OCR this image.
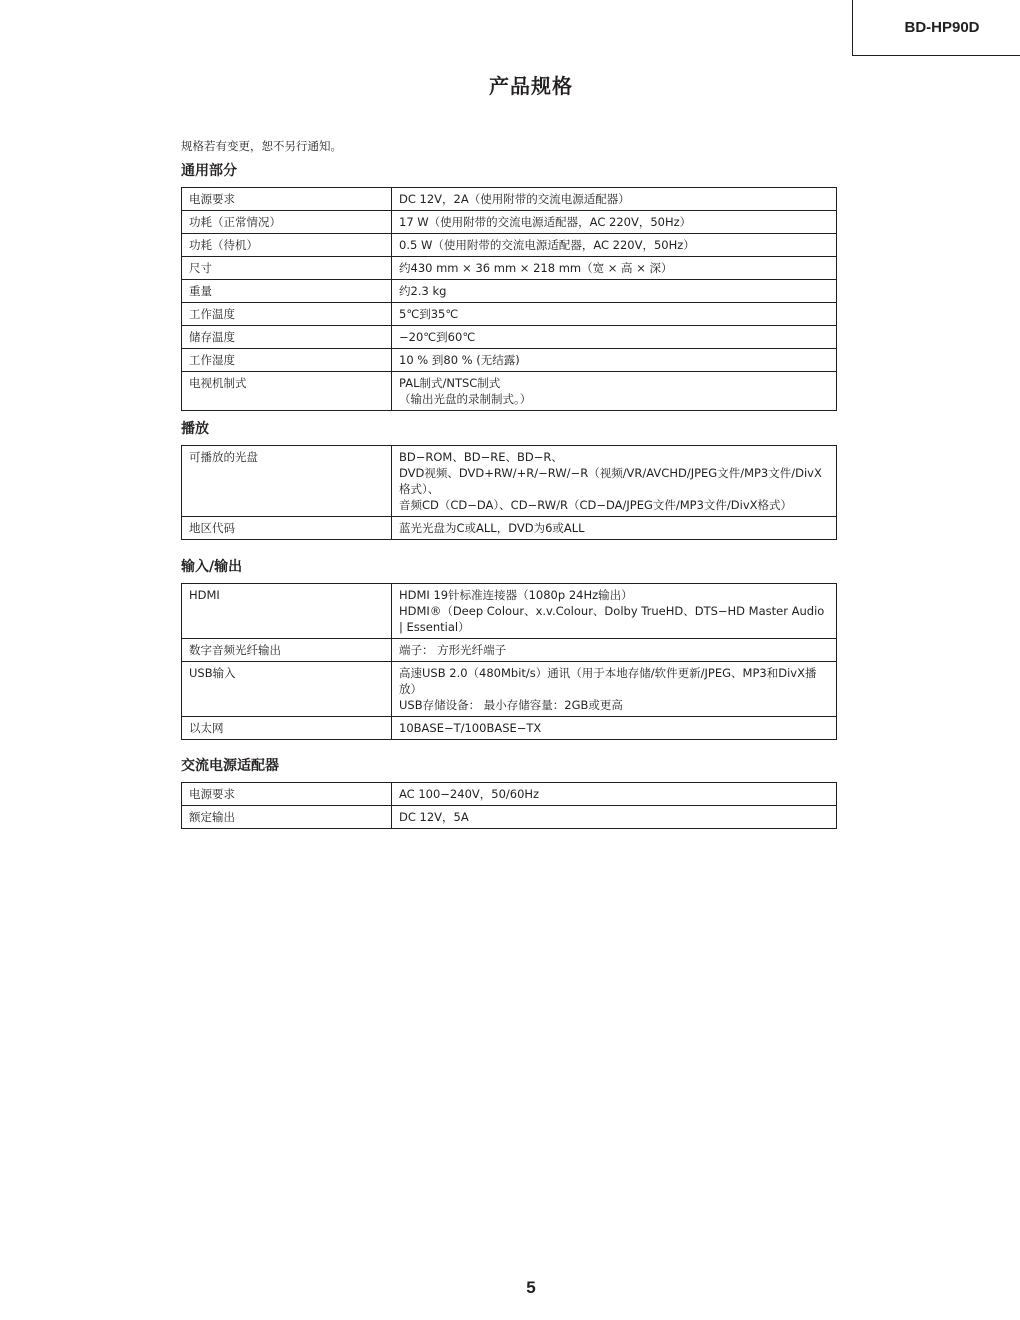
BD-HP90D
产品规格
规格若有变更，恕不另行通知。
通用部分
电源要求	DC 12V，2A（使用附带的交流电源适配器）

功耗（正常情况）	17 W（使用附带的交流电源适配器，AC 220V，50Hz）

功耗（待机）	0.5 W（使用附带的交流电源适配器，AC 220V，50Hz）

尺寸	约430 mm × 36 mm × 218 mm（宽 × 高 × 深）

重量	约2.3 kg

工作温度	5℃到35℃

储存温度	−20℃到60℃

工作湿度	10 % 到80 % (无结露)

电视机制式	PAL制式/NTSC制式
（输出光盘的录制制式。）
播放
可播放的光盘	BD−ROM、BD−RE、BD−R、
DVD视频、DVD+RW/+R/−RW/−R（视频/VR/AVCHD/JPEG文件/MP3文件/DivX格式）、
音频CD（CD−DA）、CD−RW/R（CD−DA/JPEG文件/MP3文件/DivX格式）

地区代码	蓝光光盘为C或ALL，DVD为6或ALL
输入/输出
HDMI	HDMI 19针标准连接器（1080p 24Hz输出）
HDMI®（Deep Colour、x.v.Colour、Dolby TrueHD、DTS−HD Master Audio | Essential）

数字音频光纤输出	端子： 方形光纤端子

USB输入	高速USB 2.0（480Mbit/s）通讯（用于本地存储/软件更新/JPEG、MP3和DivX播放）
USB存储设备： 最小存储容量：2GB或更高

以太网	10BASE−T/100BASE−TX
交流电源适配器
电源要求	AC 100−240V，50/60Hz

额定输出	DC 12V，5A
5
